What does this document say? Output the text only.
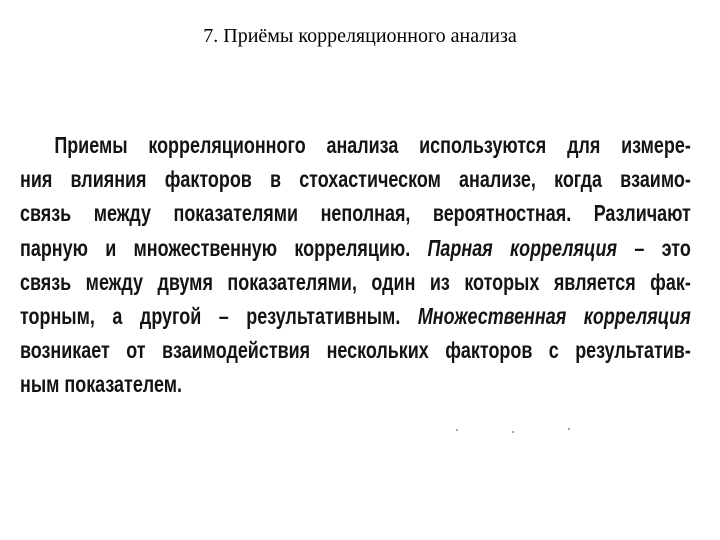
7. Приёмы корреляционного анализа
Приемы корреляционного анализа используются для измере-
ния влияния факторов в стохастическом анализе, когда взаимо-
связь между показателями неполная, вероятностная. Различают
парную и множественную корреляцию. Парная корреляция – это
связь между двумя показателями, один из которых является фак-
торным, а другой – результативным. Множественная корреляция
возникает от взаимодействия нескольких факторов с результатив-
ным показателем.
